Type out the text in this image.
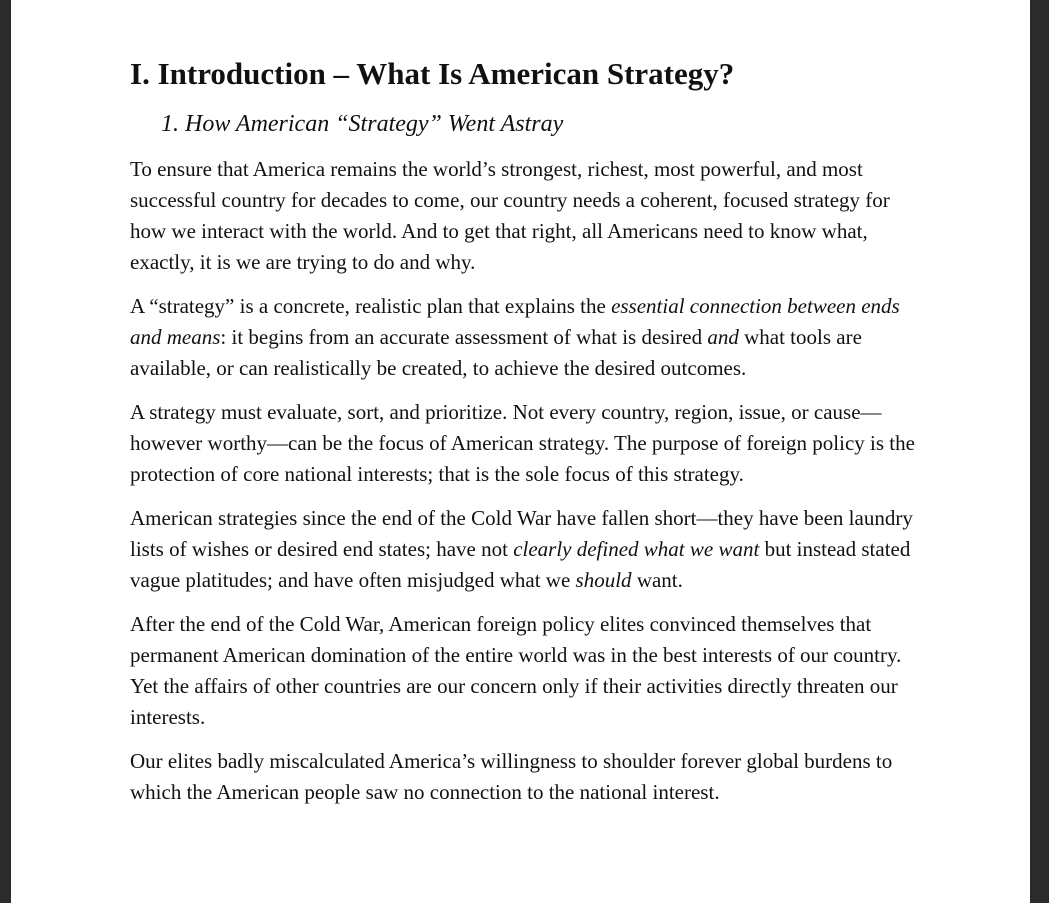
I. Introduction – What Is American Strategy?
1. How American “Strategy” Went Astray

To ensure that America remains the world’s strongest, richest, most powerful, and most successful country for decades to come, our country needs a coherent, focused strategy for how we interact with the world. And to get that right, all Americans need to know what, exactly, it is we are trying to do and why.

A “strategy” is a concrete, realistic plan that explains the essential connection between ends and means: it begins from an accurate assessment of what is desired and what tools are available, or can realistically be created, to achieve the desired outcomes.

A strategy must evaluate, sort, and prioritize. Not every country, region, issue, or cause—however worthy—can be the focus of American strategy. The purpose of foreign policy is the protection of core national interests; that is the sole focus of this strategy.

American strategies since the end of the Cold War have fallen short—they have been laundry lists of wishes or desired end states; have not clearly defined what we want but instead stated vague platitudes; and have often misjudged what we should want.

After the end of the Cold War, American foreign policy elites convinced themselves that permanent American domination of the entire world was in the best interests of our country. Yet the affairs of other countries are our concern only if their activities directly threaten our interests.

Our elites badly miscalculated America’s willingness to shoulder forever global burdens to which the American people saw no connection to the national interest.
